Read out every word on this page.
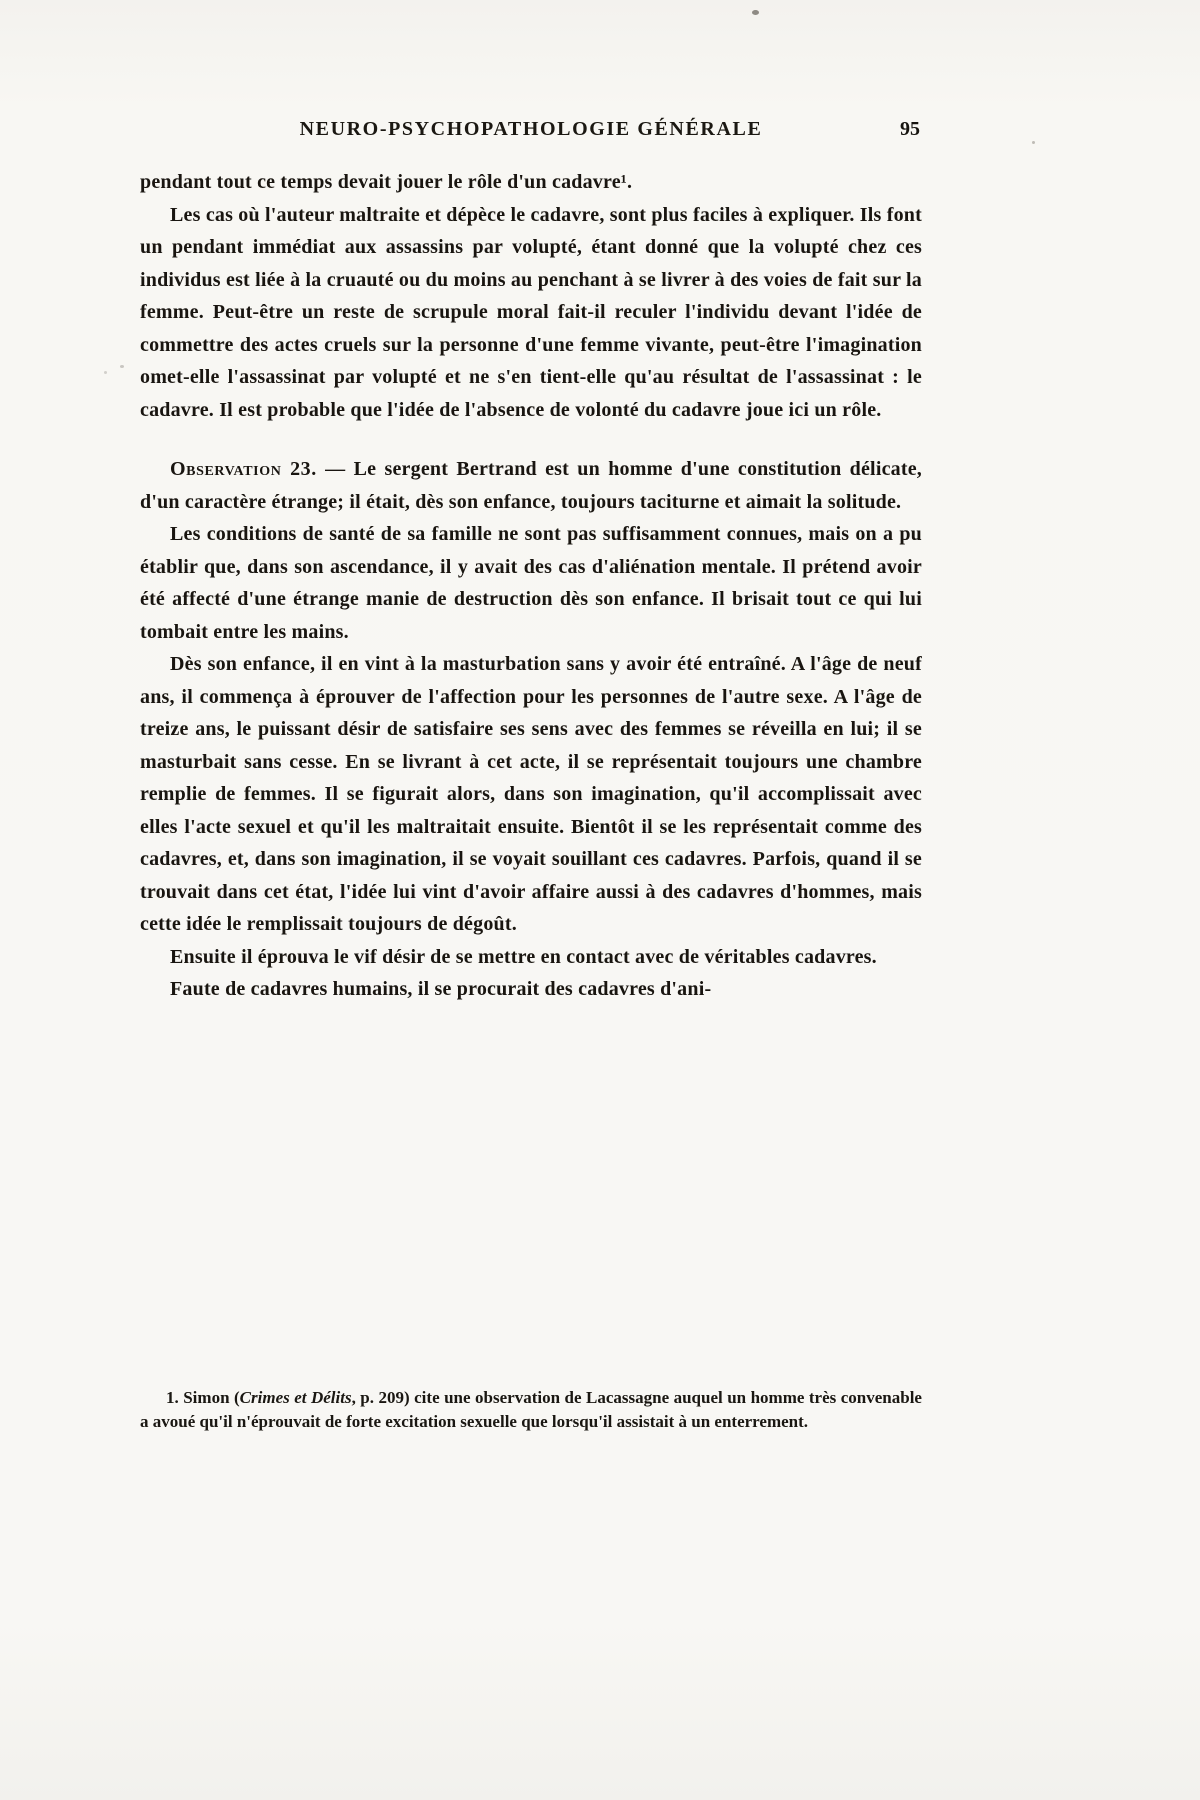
NEURO-PSYCHOPATHOLOGIE GÉNÉRALE	95

pendant tout ce temps devait jouer le rôle d'un cadavre¹.

Les cas où l'auteur maltraite et dépèce le cadavre, sont plus faciles à expliquer. Ils font un pendant immédiat aux assassins par volupté, étant donné que la volupté chez ces individus est liée à la cruauté ou du moins au penchant à se livrer à des voies de fait sur la femme. Peut-être un reste de scrupule moral fait-il reculer l'individu devant l'idée de commettre des actes cruels sur la personne d'une femme vivante, peut-être l'imagination omet-elle l'assassinat par volupté et ne s'en tient-elle qu'au résultat de l'assassinat : le cadavre. Il est probable que l'idée de l'absence de volonté du cadavre joue ici un rôle.

Observation 23. — Le sergent Bertrand est un homme d'une constitution délicate, d'un caractère étrange; il était, dès son enfance, toujours taciturne et aimait la solitude.

Les conditions de santé de sa famille ne sont pas suffisamment connues, mais on a pu établir que, dans son ascendance, il y avait des cas d'aliénation mentale. Il prétend avoir été affecté d'une étrange manie de destruction dès son enfance. Il brisait tout ce qui lui tombait entre les mains.

Dès son enfance, il en vint à la masturbation sans y avoir été entraîné. A l'âge de neuf ans, il commença à éprouver de l'affection pour les personnes de l'autre sexe. A l'âge de treize ans, le puissant désir de satisfaire ses sens avec des femmes se réveilla en lui; il se masturbait sans cesse. En se livrant à cet acte, il se représentait toujours une chambre remplie de femmes. Il se figurait alors, dans son imagination, qu'il accomplissait avec elles l'acte sexuel et qu'il les maltraitait ensuite. Bientôt il se les représentait comme des cadavres, et, dans son imagination, il se voyait souillant ces cadavres. Parfois, quand il se trouvait dans cet état, l'idée lui vint d'avoir affaire aussi à des cadavres d'hommes, mais cette idée le remplissait toujours de dégoût.

Ensuite il éprouva le vif désir de se mettre en contact avec de véritables cadavres.

Faute de cadavres humains, il se procurait des cadavres d'ani-

1. Simon (Crimes et Délits, p. 209) cite une observation de Lacassagne auquel un homme très convenable a avoué qu'il n'éprouvait de forte excitation sexuelle que lorsqu'il assistait à un enterrement.
